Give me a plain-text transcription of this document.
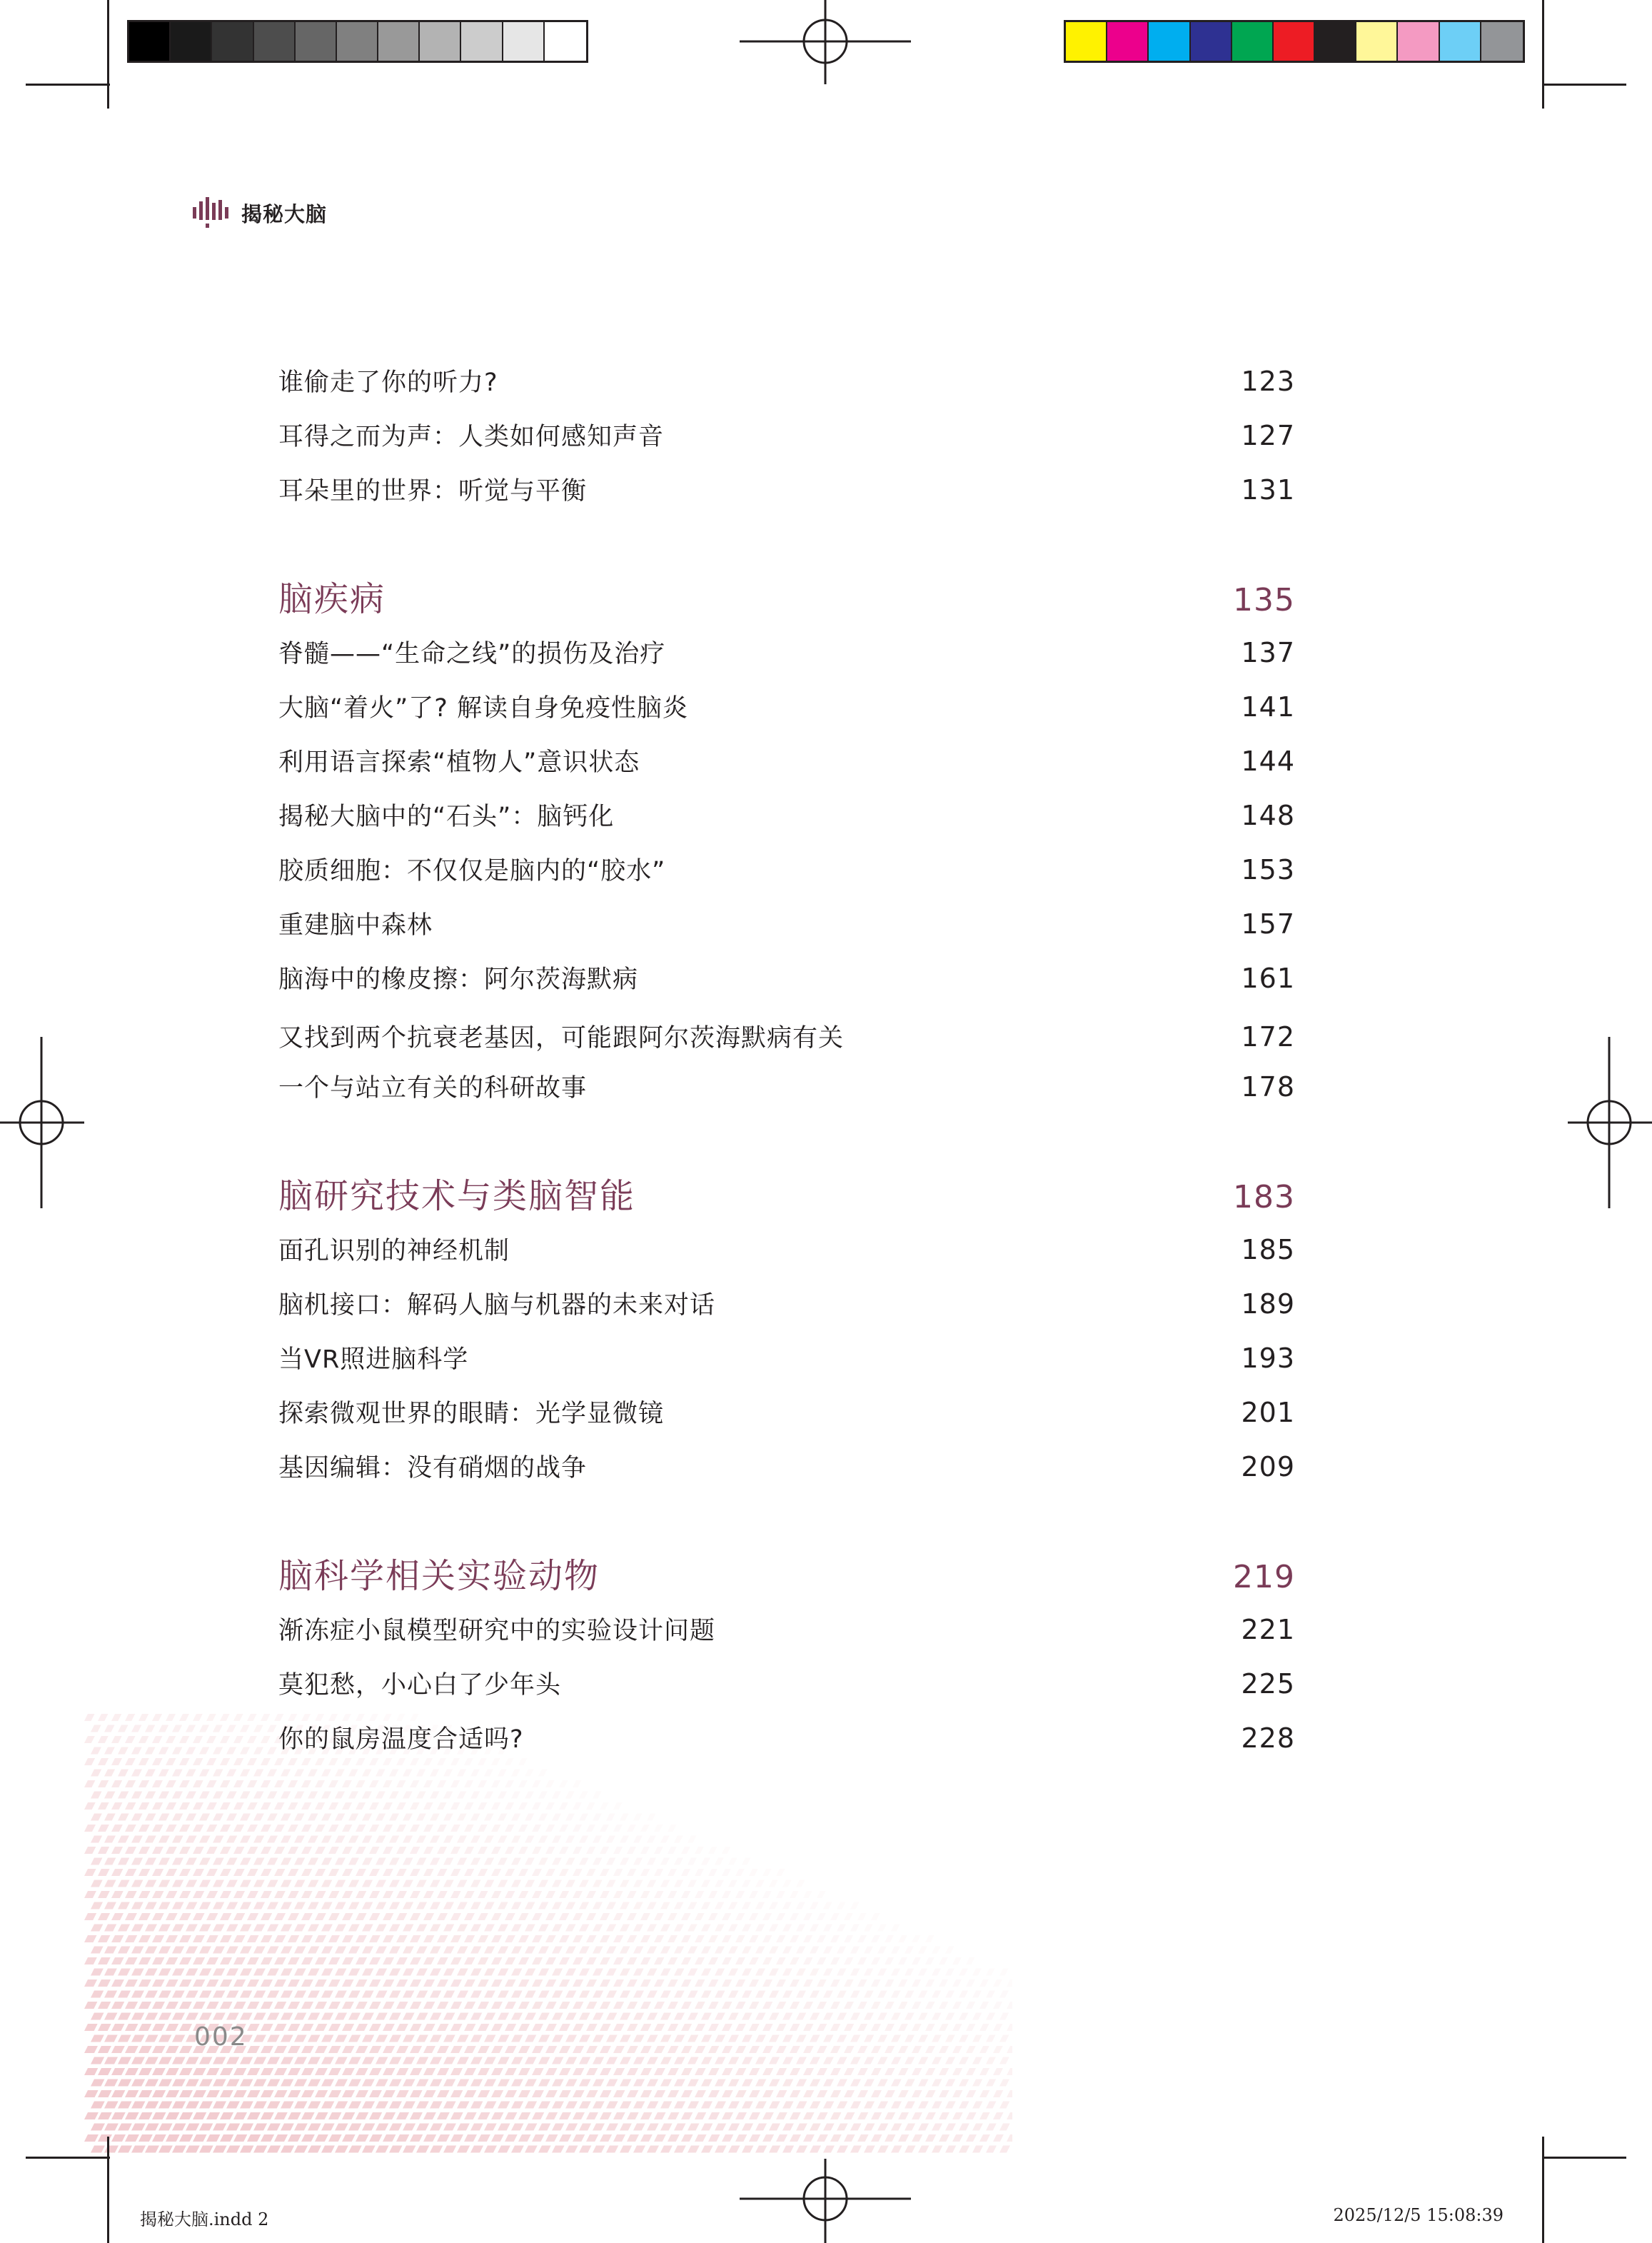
揭秘大脑
谁偷走了你的听力?	123
耳得之而为声：人类如何感知声音	127
耳朵里的世界：听觉与平衡	131
脑疾病	135
脊髓——“生命之线”的损伤及治疗	137
大脑“着火”了? 解读自身免疫性脑炎	141
利用语言探索“植物人”意识状态	144
揭秘大脑中的“石头”：脑钙化	148
胶质细胞：不仅仅是脑内的“胶水”	153
重建脑中森林	157
脑海中的橡皮擦：阿尔茨海默病	161
又找到两个抗衰老基因，可能跟阿尔茨海默病有关	172
一个与站立有关的科研故事	178
脑研究技术与类脑智能	183
面孔识别的神经机制	185
脑机接口：解码人脑与机器的未来对话	189
当VR照进脑科学	193
探索微观世界的眼睛：光学显微镜	201
基因编辑：没有硝烟的战争	209
脑科学相关实验动物	219
渐冻症小鼠模型研究中的实验设计问题	221
莫犯愁，小心白了少年头	225
你的鼠房温度合适吗?	228
002
揭秘大脑.indd 2	2025/12/5 15:08:39
